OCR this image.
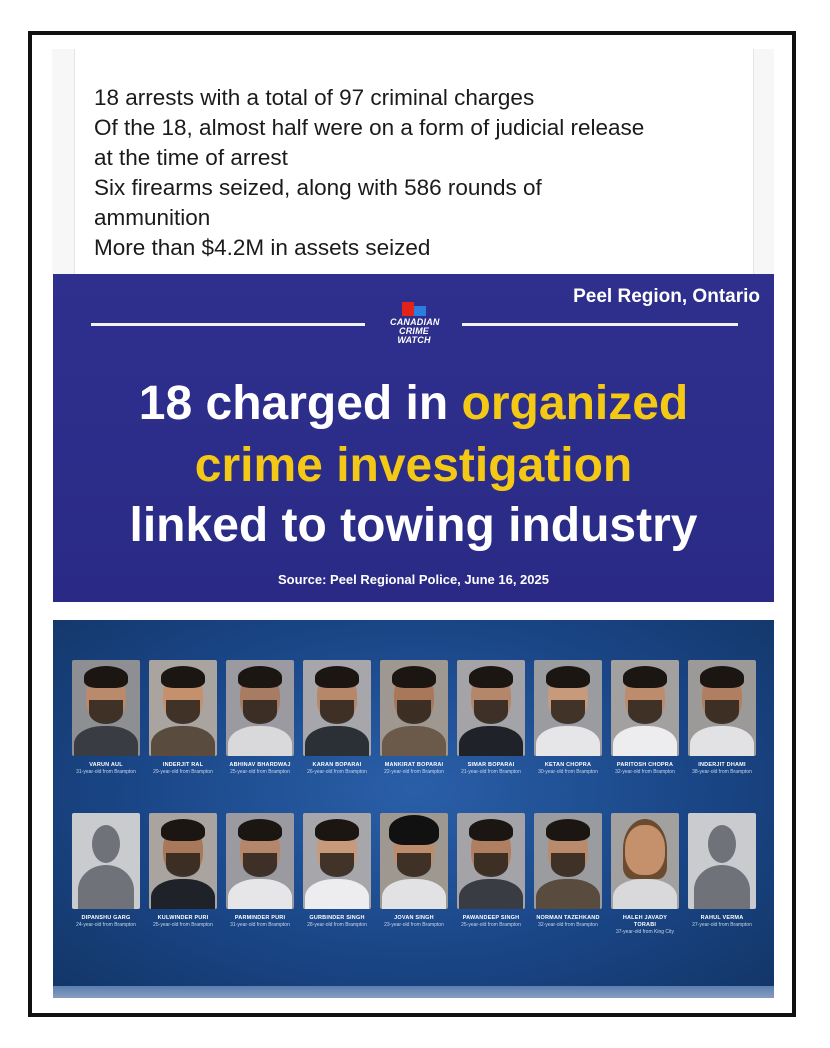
18 arrests with a total of 97 criminal charges
Of the 18, almost half were on a form of judicial release
at the time of arrest
Six firearms seized, along with 586 rounds of
ammunition
More than $4.2M in assets seized
Peel Region, Ontario
CANADIAN
CRIME
WATCH
18 charged in organized
crime investigation
linked to towing industry
Source: Peel Regional Police, June 16, 2025
VARUN AUL
31-year-old from Brampton
INDERJIT RAL
29-year-old from Brampton
ABHINAV BHARDWAJ
25-year-old from Brampton
KARAN BOPARAI
26-year-old from Brampton
MANKIRAT BOPARAI
22-year-old from Brampton
SIMAR BOPARAI
21-year-old from Brampton
KETAN CHOPRA
30-year-old from Brampton
PARITOSH CHOPRA
32-year-old from Brampton
INDERJIT DHAMI
38-year-old from Brampton
DIPANSHU GARG
24-year-old from Brampton
KULWINDER PURI
25-year-old from Brampton
PARMINDER PURI
31-year-old from Brampton
GURBINDER SINGH
28-year-old from Brampton
JOVAN SINGH
23-year-old from Brampton
PAWANDEEP SINGH
25-year-old from Brampton
NORMAN TAZEHKAND
32-year-old from Brampton
HALEH JAVADY TORABI
37-year-old from King City
RAHUL VERMA
27-year-old from Brampton
